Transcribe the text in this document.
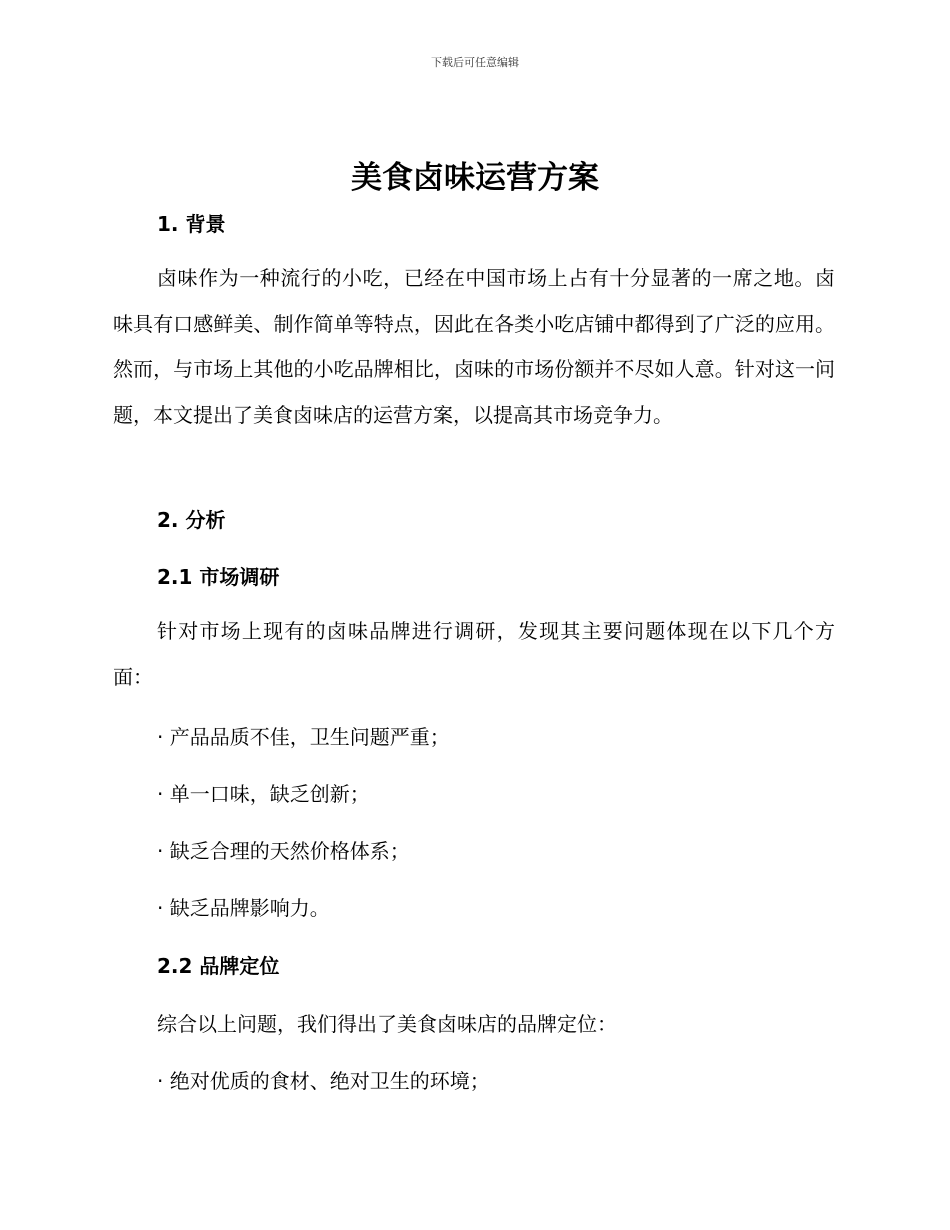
下载后可任意编辑
美食卤味运营方案
1. 背景

卤味作为一种流行的小吃，已经在中国市场上占有十分显著的一席之地。卤味具有口感鲜美、制作简单等特点，因此在各类小吃店铺中都得到了广泛的应用。然而，与市场上其他的小吃品牌相比，卤味的市场份额并不尽如人意。针对这一问题，本文提出了美食卤味店的运营方案，以提高其市场竞争力。

2. 分析
2.1 市场调研

针对市场上现有的卤味品牌进行调研，发现其主要问题体现在以下几个方面：

· 产品品质不佳，卫生问题严重；

· 单一口味，缺乏创新；

· 缺乏合理的天然价格体系；

· 缺乏品牌影响力。

2.2 品牌定位

综合以上问题，我们得出了美食卤味店的品牌定位：

· 绝对优质的食材、绝对卫生的环境；
